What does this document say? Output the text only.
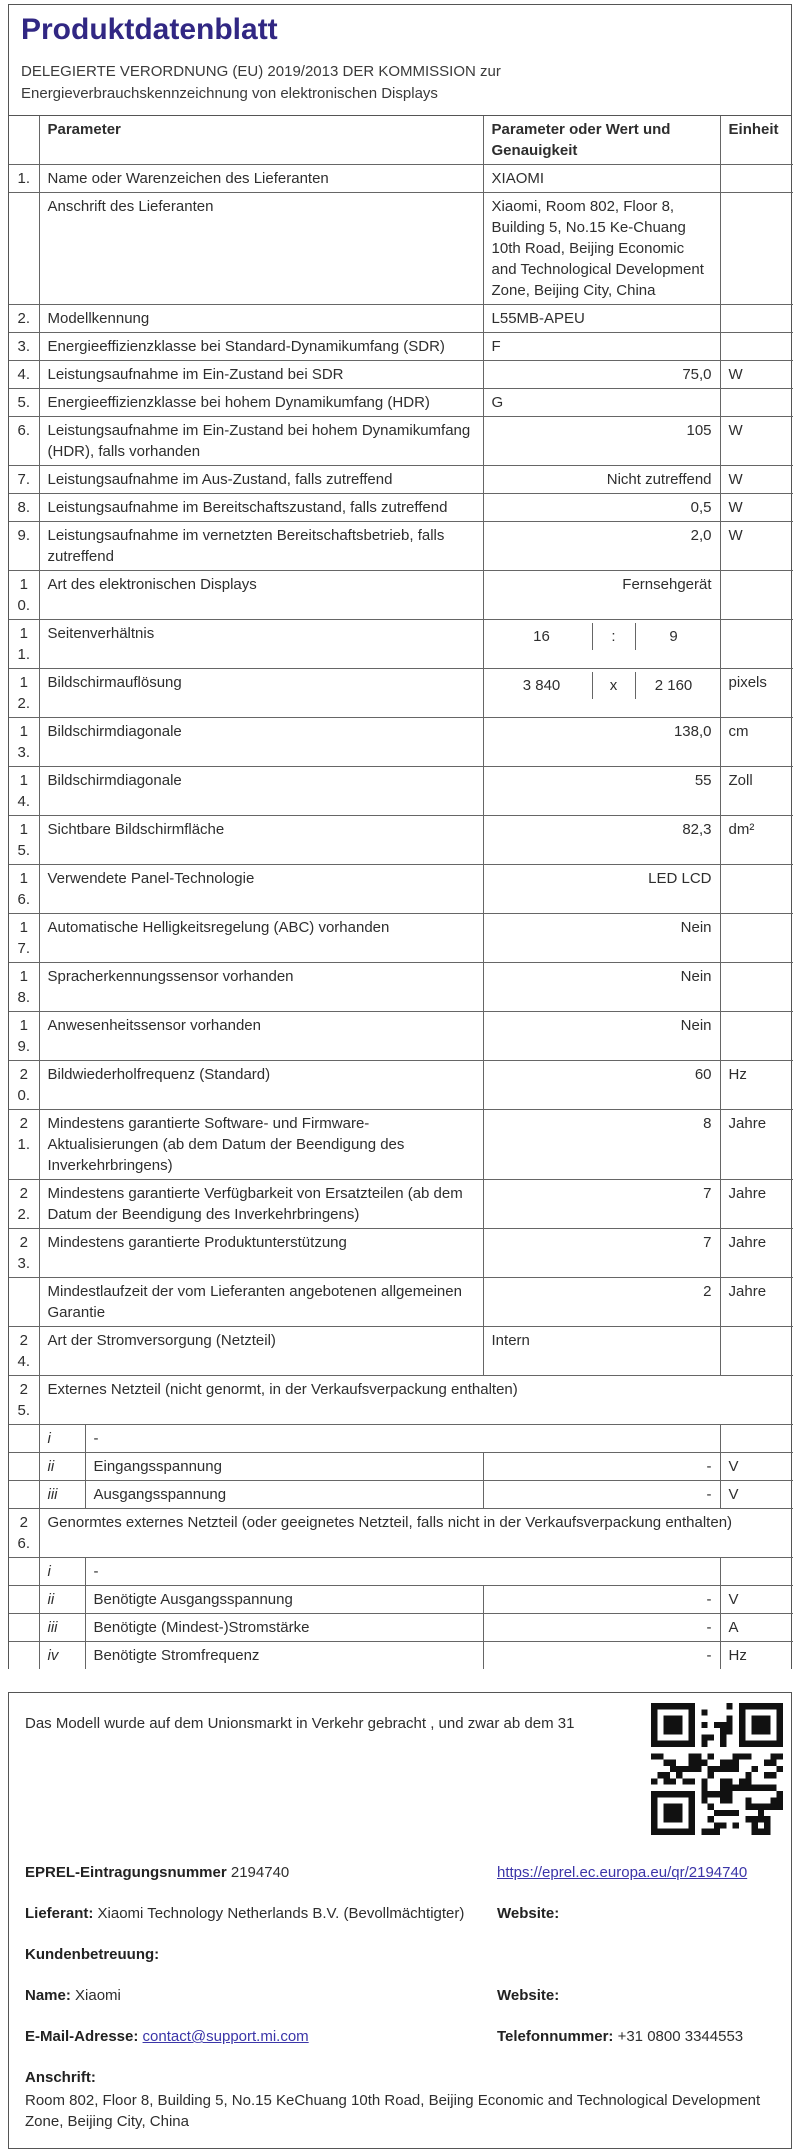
Produktdatenblatt
DELEGIERTE VERORDNUNG (EU) 2019/2013 DER KOMMISSION zur
Energieverbrauchskennzeichnung von elektronischen Displays
	Parameter		Parameter oder Wert und Genauigkeit	Einheit
1.	Name oder Warenzeichen des Lieferanten		XIAOMI	
	Anschrift des Lieferanten		Xiaomi, Room 802, Floor 8, Building 5, No.15 Ke-Chuang 10th Road, Beijing Economic and Technological Development Zone, Beijing City, China	
2.	Modellkennung		L55MB-APEU	
3.	Energieeffizienzklasse bei Standard-Dynamikumfang (SDR)		F	
4.	Leistungsaufnahme im Ein-Zustand bei SDR		75,0	W
5.	Energieeffizienzklasse bei hohem Dynamikumfang (HDR)		G	
6.	Leistungsaufnahme im Ein-Zustand bei hohem Dynamikumfang (HDR), falls vorhanden		105	W
7.	Leistungsaufnahme im Aus-Zustand, falls zutreffend		Nicht zutreffend	W
8.	Leistungsaufnahme im Bereitschaftszustand, falls zutreffend		0,5	W
9.	Leistungsaufnahme im vernetzten Bereitschaftsbetrieb, falls zutreffend		2,0	W
10.	Art des elektronischen Displays		Fernsehgerät	
11.	Seitenverhältnis		16 : 9	

12.	Bildschirmauflösung		3 840 x 2 160	pixels
13.	Bildschirmdiagonale		138,0	cm
14.	Bildschirmdiagonale		55	Zoll
15.	Sichtbare Bildschirmfläche		82,3	dm²
16.	Verwendete Panel-Technologie		LED LCD	
17.	Automatische Helligkeitsregelung (ABC) vorhanden		Nein	
18.	Spracherkennungssensor vorhanden		Nein	
19.	Anwesenheitssensor vorhanden		Nein	
20.	Bildwiederholfrequenz (Standard)		60	Hz
21.	Mindestens garantierte Software- und Firmware-Aktualisierungen (ab dem Datum der Beendigung des Inverkehrbringens)		8	Jahre
22.	Mindestens garantierte Verfügbarkeit von Ersatzteilen (ab dem Datum der Beendigung des Inverkehrbringens)		7	Jahre
23.	Mindestens garantierte Produktunterstützung		7	Jahre
	Mindestlaufzeit der vom Lieferanten angebotenen allgemeinen Garantie		2	Jahre
24.	Art der Stromversorgung (Netzteil)		Intern	
25.	Externes Netzteil (nicht genormt, in der Verkaufsverpackung enthalten)			
	i	-		
	ii	Eingangsspannung	-	V
	iii	Ausgangsspannung	-	V
26.	Genormtes externes Netzteil (oder geeignetes Netzteil, falls nicht in der Verkaufsverpackung enthalten)			
	i	-		
	ii	Benötigte Ausgangsspannung	-	V
	iii	Benötigte (Mindest-)Stromstärke	-	A
	iv	Benötigte Stromfrequenz	-	Hz

Das Modell wurde auf dem Unionsmarkt in Verkehr gebracht , und zwar ab dem 31

EPREL-Eintragungsnummer 2194740	https://eprel.ec.europa.eu/qr/2194740
Lieferant: Xiaomi Technology Netherlands B.V. (Bevollmächtigter)	Website:
Kundenbetreuung:
Name: Xiaomi	Website:
E-Mail-Adresse: contact@support.mi.com	Telefonnummer: +31 0800 3344553
Anschrift:
Room 802, Floor 8, Building 5, No.15 KeChuang 10th Road, Beijing Economic and Technological Development Zone, Beijing City, China
